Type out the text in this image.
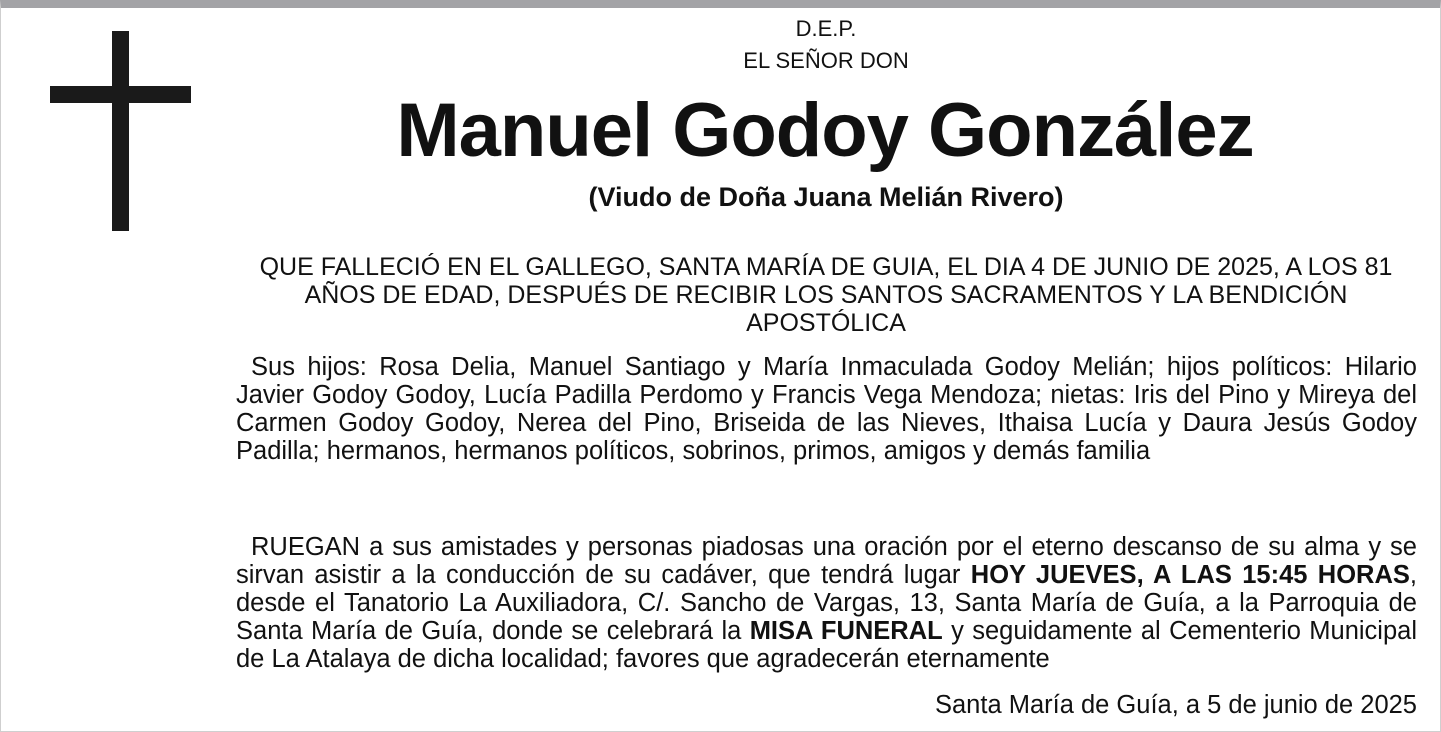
D.E.P.
EL SEÑOR DON
Manuel Godoy González
(Viudo de Doña Juana Melián Rivero)
QUE FALLECIÓ EN EL GALLEGO, SANTA MARÍA DE GUIA, EL DIA 4 DE JUNIO DE 2025, A LOS 81 AÑOS DE EDAD, DESPUÉS DE RECIBIR LOS SANTOS SACRAMENTOS Y LA BENDICIÓN APOSTÓLICA
Sus hijos: Rosa Delia, Manuel Santiago y María Inmaculada Godoy Melián; hijos políticos: Hilario Javier Godoy Godoy, Lucía Padilla Perdomo y Francis Vega Mendoza; nietas: Iris del Pino y Mireya del Carmen Godoy Godoy, Nerea del Pino, Briseida de las Nieves, Ithaisa Lucía y Daura Jesús Godoy Padilla; hermanos, hermanos políticos, sobrinos, primos, amigos y demás familia
RUEGAN a sus amistades y personas piadosas una oración por el eterno descanso de su alma y se sirvan asistir a la conducción de su cadáver, que tendrá lugar HOY JUEVES, A LAS 15:45 HORAS, desde el Tanatorio La Auxiliadora, C/. Sancho de Vargas, 13, Santa María de Guía, a la Parroquia de Santa María de Guía, donde se celebrará la MISA FUNERAL y seguidamente al Cementerio Municipal de La Atalaya de dicha localidad; favores que agradecerán eternamente
Santa María de Guía, a 5 de junio de 2025
